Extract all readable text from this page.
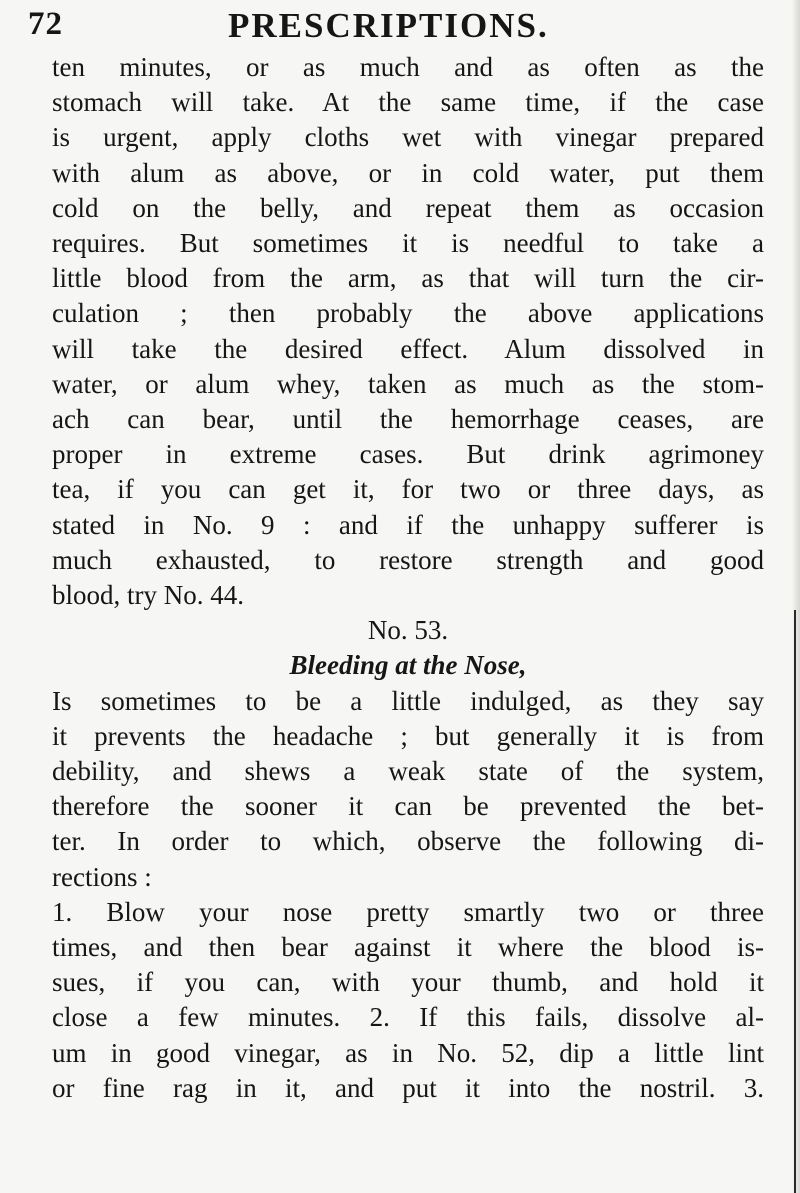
72	PRESCRIPTIONS.
ten minutes, or as much and as often as the
stomach will take. At the same time, if the case
is urgent, apply cloths wet with vinegar prepared
with alum as above, or in cold water, put them
cold on the belly, and repeat them as occasion
requires. But sometimes it is needful to take a
little blood from the arm, as that will turn the cir-
culation ; then probably the above applications
will take the desired effect. Alum dissolved in
water, or alum whey, taken as much as the stom-
ach can bear, until the hemorrhage ceases, are
proper in extreme cases. But drink agrimoney
tea, if you can get it, for two or three days, as
stated in No. 9 : and if the unhappy sufferer is
much exhausted, to restore strength and good
blood, try No. 44.
No. 53.
Bleeding at the Nose,
Is sometimes to be a little indulged, as they say
it prevents the headache ; but generally it is from
debility, and shews a weak state of the system,
therefore the sooner it can be prevented the bet-
ter. In order to which, observe the following di-
rections :
1. Blow your nose pretty smartly two or three
times, and then bear against it where the blood is-
sues, if you can, with your thumb, and hold it
close a few minutes. 2. If this fails, dissolve al-
um in good vinegar, as in No. 52, dip a little lint
or fine rag in it, and put it into the nostril. 3.
